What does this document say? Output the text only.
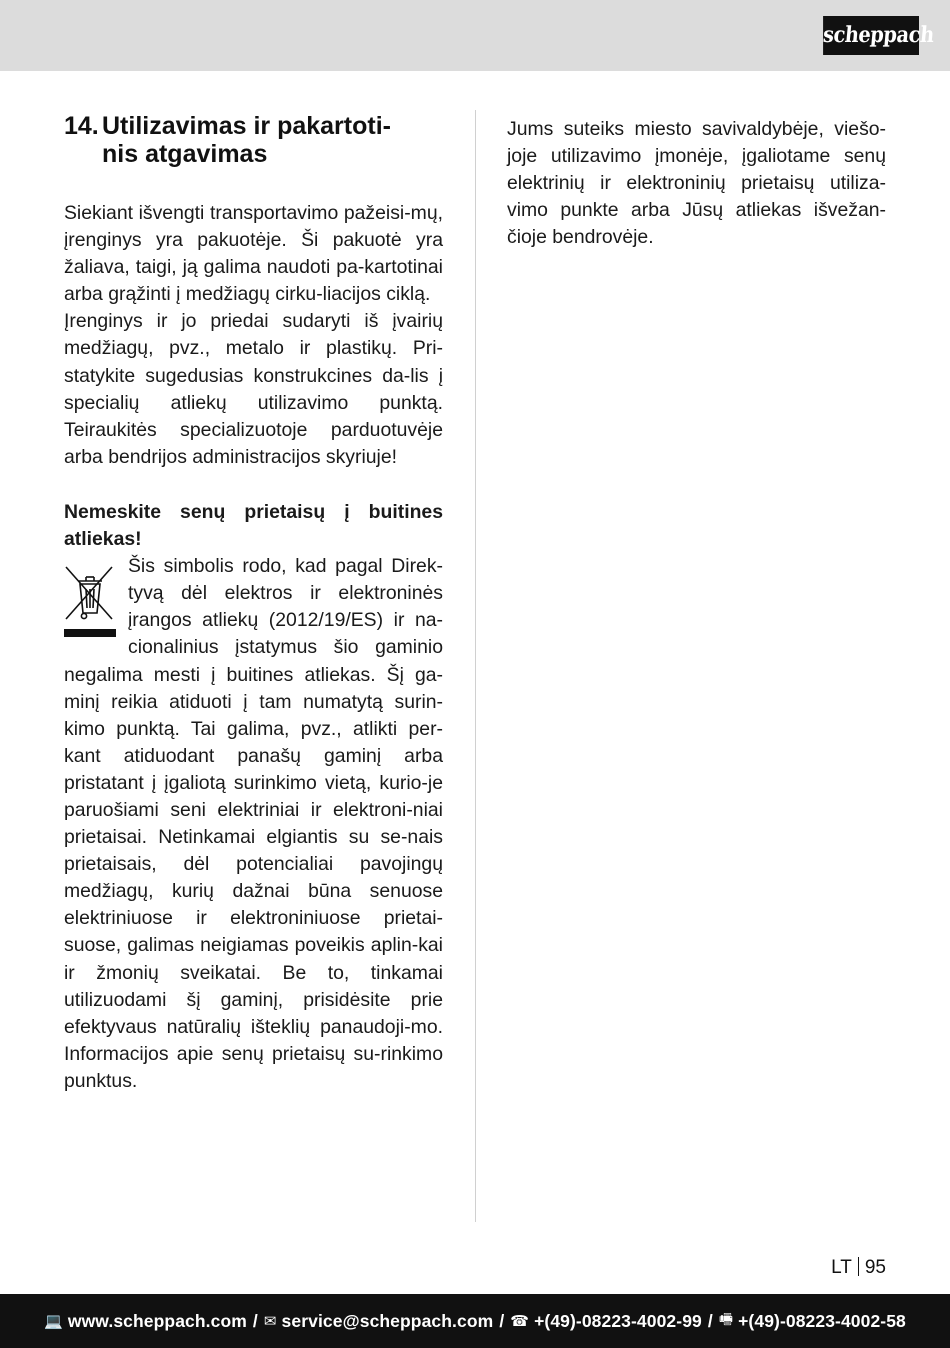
scheppach
14. Utilizavimas ir pakartoti-
nis atgavimas

Siekiant išvengti transportavimo pažeisi-mų, įrenginys yra pakuotėje. Ši pakuotė yra žaliava, taigi, ją galima naudoti pa-kartotinai arba grąžinti į medžiagų cirku-liacijos ciklą.

Įrenginys ir jo priedai sudaryti iš įvairių medžiagų, pvz., metalo ir plastikų. Pri-statykite sugedusias konstrukcines da-lis į specialių atliekų utilizavimo punktą. Teiraukitės specializuotoje parduotuvėje arba bendrijos administracijos skyriuje!

Nemeskite senų prietaisų į buitines atliekas!

Šis simbolis rodo, kad pagal Direk-tyvą dėl elektros ir elektroninės įrangos atliekų (2012/19/ES) ir na-cionalinius įstatymus šio gaminio negalima mesti į buitines atliekas. Šį ga-minį reikia atiduoti į tam numatytą surin-kimo punktą. Tai galima, pvz., atlikti per-kant atiduodant panašų gaminį arba pristatant į įgaliotą surinkimo vietą, kurio-je paruošiami seni elektriniai ir elektroni-niai prietaisai. Netinkamai elgiantis su se-nais prietaisais, dėl potencialiai pavojingų medžiagų, kurių dažnai būna senuose elektriniuose ir elektroniniuose prietai-suose, galimas neigiamas poveikis aplin-kai ir žmonių sveikatai. Be to, tinkamai utilizuodami šį gaminį, prisidėsite prie efektyvaus natūralių išteklių panaudoji-mo. Informacijos apie senų prietaisų su-rinkimo punktus.

Jums suteiks miesto savivaldybėje, viešo-joje utilizavimo įmonėje, įgaliotame senų elektrinių ir elektroninių prietaisų utiliza-vimo punkte arba Jūsų atliekas išvežan-čioje bendrovėje.

LT 95
💻 www.scheppach.com / ✉ service@scheppach.com / ☎ +(49)-08223-4002-99 / 🖷 +(49)-08223-4002-58
